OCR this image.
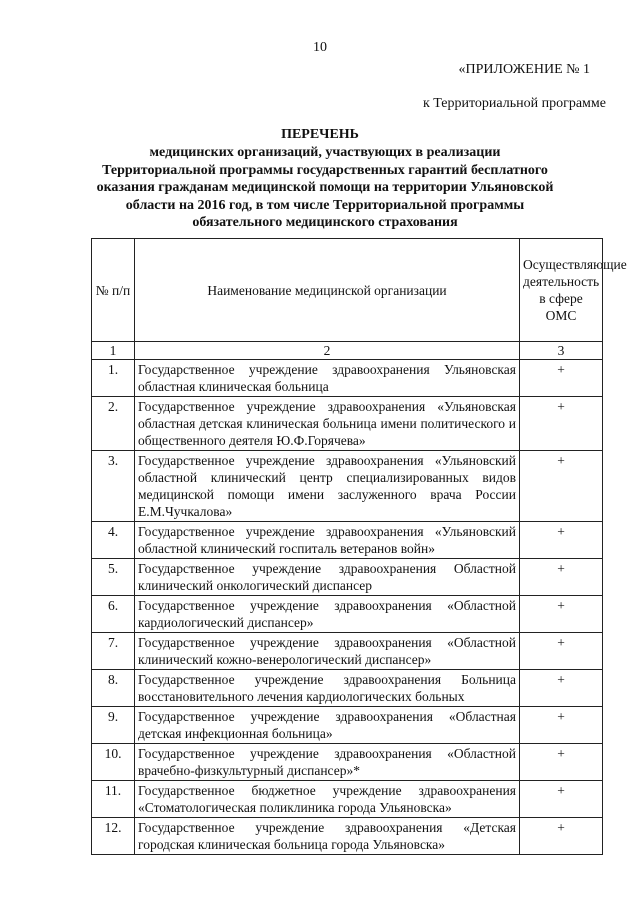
10
«ПРИЛОЖЕНИЕ № 1
к Территориальной программе
ПЕРЕЧЕНЬ
медицинских организаций, участвующих в реализации Территориальной программы государственных гарантий бесплатного оказания гражданам медицинской помощи на территории Ульяновской области на 2016 год, в том числе Территориальной программы обязательного медицинского страхования
№ п/п	Наименование медицинской организации	Осуществляющие деятельность в сфере ОМС
1	2	3
1.	Государственное учреждение здравоохранения Ульяновская областная клиническая больница	+
2.	Государственное учреждение здравоохранения «Ульяновская областная детская клиническая больница имени политического и общественного деятеля Ю.Ф.Горячева»	+
3.	Государственное учреждение здравоохранения «Ульяновский областной клинический центр специализированных видов медицинской помощи имени заслуженного врача России Е.М.Чучкалова»	+
4.	Государственное учреждение здравоохранения «Ульяновский областной клинический госпиталь ветеранов войн»	+
5.	Государственное учреждение здравоохранения Областной клинический онкологический диспансер	+
6.	Государственное учреждение здравоохранения «Областной кардиологический диспансер»	+
7.	Государственное учреждение здравоохранения «Областной клинический кожно-венерологический диспансер»	+
8.	Государственное учреждение здравоохранения Больница восстановительного лечения кардиологических больных	+
9.	Государственное учреждение здравоохранения «Областная детская инфекционная больница»	+
10.	Государственное учреждение здравоохранения «Областной врачебно-физкультурный диспансер»*	+
11.	Государственное бюджетное учреждение здравоохранения «Стоматологическая поликлиника города Ульяновска»	+
12.	Государственное учреждение здравоохранения «Детская городская клиническая больница города Ульяновска»	+
